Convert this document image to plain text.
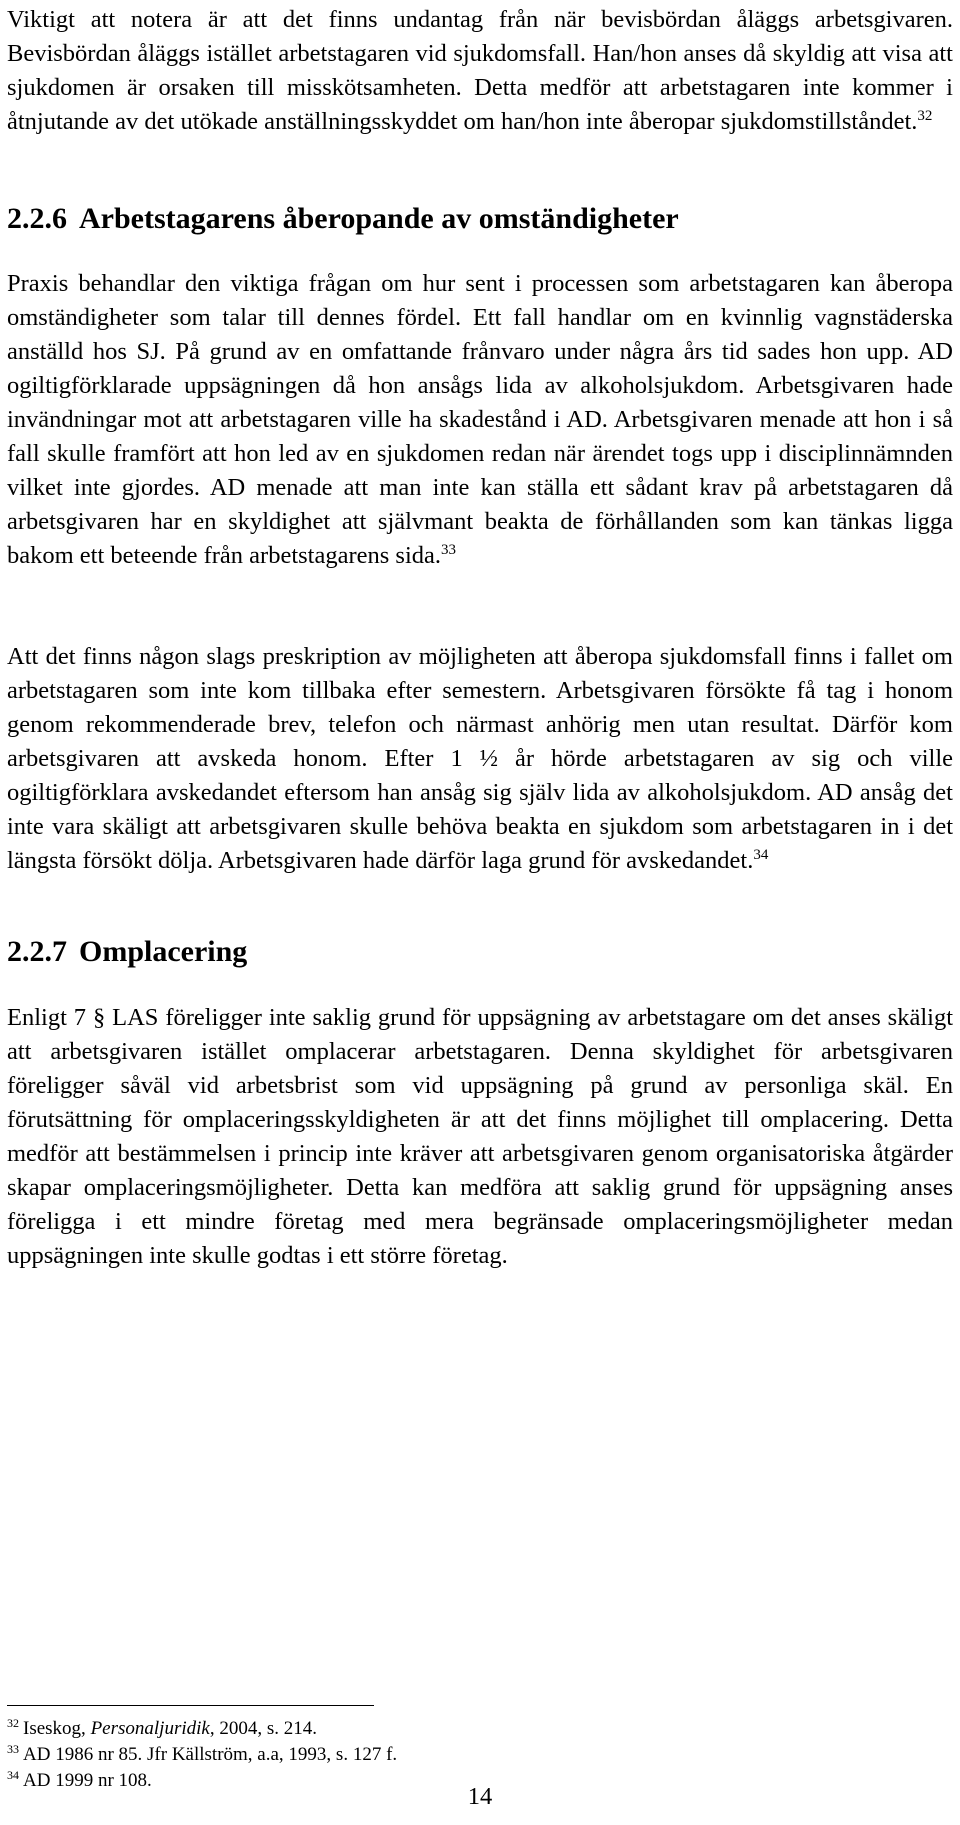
Viktigt att notera är att det finns undantag från när bevisbördan åläggs arbetsgivaren. Bevisbördan åläggs istället arbetstagaren vid sjukdomsfall. Han/hon anses då skyldig att visa att sjukdomen är orsaken till misskötsamheten. Detta medför att arbetstagaren inte kommer i åtnjutande av det utökade anställningsskyddet om han/hon inte åberopar sjukdomstillståndet.$^{32}$

2.2.6 Arbetstagarens åberopande av omständigheter

Praxis behandlar den viktiga frågan om hur sent i processen som arbetstagaren kan åberopa omständigheter som talar till dennes fördel. Ett fall handlar om en kvinnlig vagnstäderska anställd hos SJ. På grund av en omfattande frånvaro under några års tid sades hon upp. AD ogiltigförklarade uppsägningen då hon ansågs lida av alkoholsjukdom. Arbetsgivaren hade invändningar mot att arbetstagaren ville ha skadestånd i AD. Arbetsgivaren menade att hon i så fall skulle framfört att hon led av en sjukdomen redan när ärendet togs upp i disciplinnämnden vilket inte gjordes. AD menade att man inte kan ställa ett sådant krav på arbetstagaren då arbetsgivaren har en skyldighet att självmant beakta de förhållanden som kan tänkas ligga bakom ett beteende från arbetstagarens sida.$^{33}$

Att det finns någon slags preskription av möjligheten att åberopa sjukdomsfall finns i fallet om arbetstagaren som inte kom tillbaka efter semestern. Arbetsgivaren försökte få tag i honom genom rekommenderade brev, telefon och närmast anhörig men utan resultat. Därför kom arbetsgivaren att avskeda honom. Efter 1 ½ år hörde arbetstagaren av sig och ville ogiltigförklara avskedandet eftersom han ansåg sig själv lida av alkoholsjukdom. AD ansåg det inte vara skäligt att arbetsgivaren skulle behöva beakta en sjukdom som arbetstagaren in i det längsta försökt dölja. Arbetsgivaren hade därför laga grund för avskedandet.$^{34}$

2.2.7 Omplacering

Enligt 7 § LAS föreligger inte saklig grund för uppsägning av arbetstagare om det anses skäligt att arbetsgivaren istället omplacerar arbetstagaren. Denna skyldighet för arbetsgivaren föreligger såväl vid arbetsbrist som vid uppsägning på grund av personliga skäl. En förutsättning för omplaceringsskyldigheten är att det finns möjlighet till omplacering. Detta medför att bestämmelsen i princip inte kräver att arbetsgivaren genom organisatoriska åtgärder skapar omplaceringsmöjligheter. Detta kan medföra att saklig grund för uppsägning anses föreligga i ett mindre företag med mera begränsade omplaceringsmöjligheter medan uppsägningen inte skulle godtas i ett större företag.

$^{32}$ Iseskog, Personaljuridik, 2004, s. 214.

$^{33}$ AD 1986 nr 85. Jfr Källström, a.a, 1993, s. 127 f.

$^{34}$ AD 1999 nr 108.

14
